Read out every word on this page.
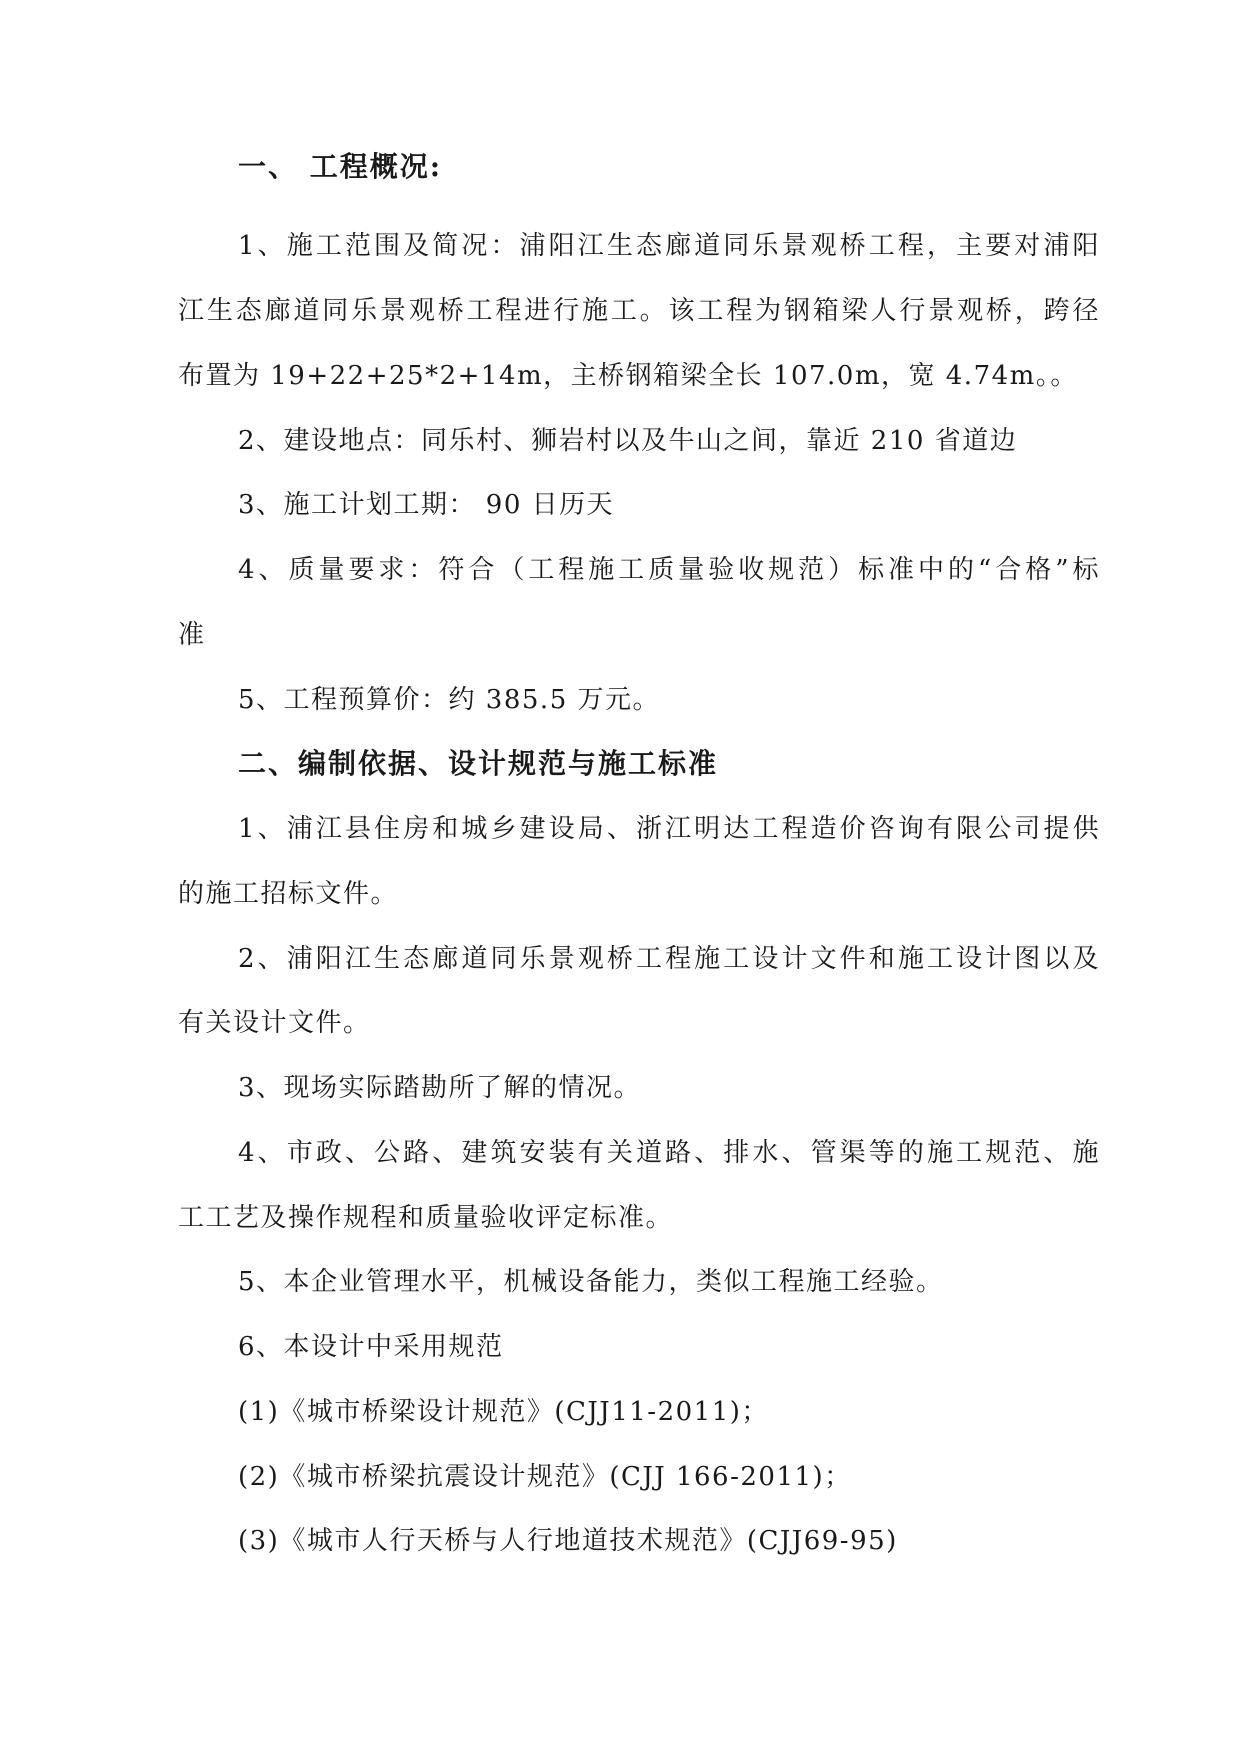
一、 工程概况:
1、施工范围及简况：浦阳江生态廊道同乐景观桥工程，主要对浦阳
江生态廊道同乐景观桥工程进行施工。该工程为钢箱梁人行景观桥，跨径
布置为 19+22+25*2+14m，主桥钢箱梁全长 107.0m，宽 4.74m。。
2、建设地点：同乐村、狮岩村以及牛山之间，靠近 210 省道边
3、施工计划工期： 90 日历天
4、质量要求：符合（工程施工质量验收规范）标准中的“合格”标
准
5、工程预算价：约 385.5 万元。
二、编制依据、设计规范与施工标准
1、浦江县住房和城乡建设局、浙江明达工程造价咨询有限公司提供
的施工招标文件。
2、浦阳江生态廊道同乐景观桥工程施工设计文件和施工设计图以及
有关设计文件。
3、现场实际踏勘所了解的情况。
4、市政、公路、建筑安装有关道路、排水、管渠等的施工规范、施
工工艺及操作规程和质量验收评定标准。
5、本企业管理水平，机械设备能力，类似工程施工经验。
6、本设计中采用规范
(1)《城市桥梁设计规范》(CJJ11-2011)；
(2)《城市桥梁抗震设计规范》(CJJ 166-2011)；
(3)《城市人行天桥与人行地道技术规范》(CJJ69-95)
